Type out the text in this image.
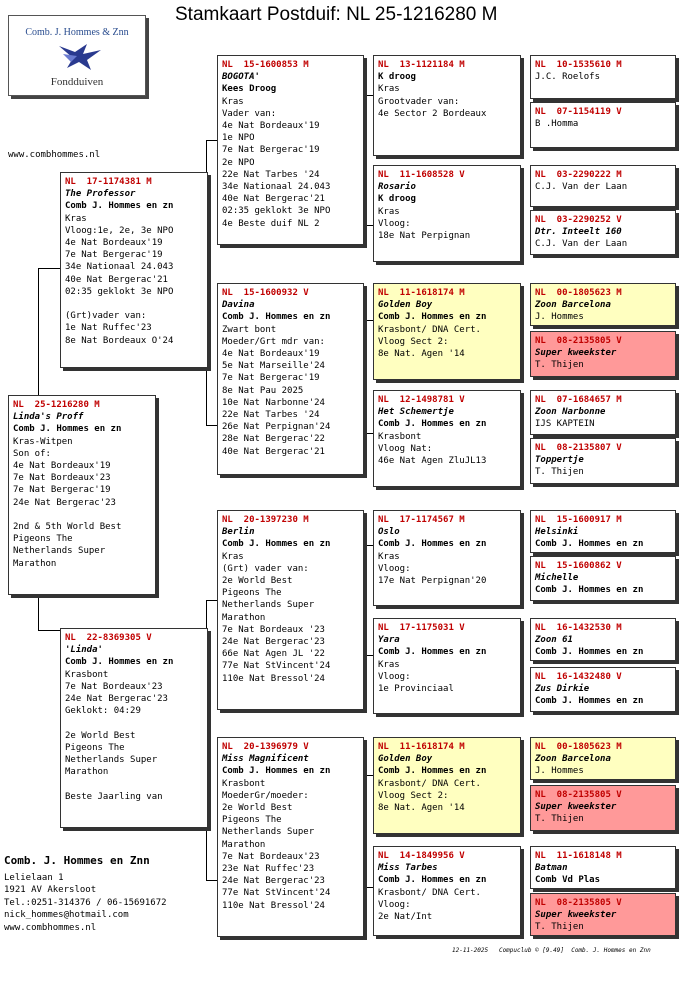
Stamkaart Postduif: NL 25-1216280 M
Comb. J. Hommes & Znn
Fondduiven
www.combhommes.nl
NL  25-1216280 M
Linda's Proff
Comb J. Hommes en zn
Kras-Witpen
Son of:
4e Nat Bordeaux'19
7e Nat Bordeaux'23
7e Nat Bergerac'19
24e Nat Bergerac'23

2nd & 5th World Best
Pigeons The
Netherlands Super
Marathon
NL  17-1174381 M
The Professor
Comb J. Hommes en zn
Kras
Vloog:1e, 2e, 3e NPO
4e Nat Bordeaux'19
7e Nat Bergerac'19
34e Nationaal 24.043
40e Nat Bergerac'21
02:35 geklokt 3e NPO

(Grt)vader van:
1e Nat Ruffec'23
8e Nat Bordeaux O'24
NL  22-8369305 V
'Linda'
Comb J. Hommes en zn
Krasbont
7e Nat Bordeaux'23
24e Nat Bergerac'23
Geklokt: 04:29

2e World Best
Pigeons The
Netherlands Super
Marathon

Beste Jaarling van
NL  15-1600853 M
BOGOTA'
Kees Droog
Kras
Vader van:
4e Nat Bordeaux'19
1e NPO
7e Nat Bergerac'19
2e NPO
22e Nat Tarbes '24
34e Nationaal 24.043
40e Nat Bergerac'21
02:35 geklokt 3e NPO
4e Beste duif NL 2
NL  15-1600932 V
Davina
Comb J. Hommes en zn
Zwart bont
Moeder/Grt mdr van:
4e Nat Bordeaux'19
5e Nat Marseille'24
7e Nat Bergerac'19
8e Nat Pau 2025
10e Nat Narbonne'24
22e Nat Tarbes '24
26e Nat Perpignan'24
28e Nat Bergerac'22
40e Nat Bergerac'21
NL  20-1397230 M
Berlin
Comb J. Hommes en zn
Kras
(Grt) vader van:
2e World Best
Pigeons The
Netherlands Super
Marathon
7e Nat Bordeaux '23
24e Nat Bergerac'23
66e Nat Agen JL '22
77e Nat StVincent'24
110e Nat Bressol'24
NL  20-1396979 V
Miss Magnificent
Comb J. Hommes en zn
Krasbont
MoederGr/moeder:
2e World Best
Pigeons The
Netherlands Super
Marathon
7e Nat Bordeaux'23
23e Nat Ruffec'23
24e Nat Bergerac'23
77e Nat StVincent'24
110e Nat Bressol'24
NL  13-1121184 M
K droog
Kras
Grootvader van:
4e Sector 2 Bordeaux
NL  11-1608528 V
Rosario
K droog
Kras
Vloog:
18e Nat Perpignan
NL  11-1618174 M
Golden Boy
Comb J. Hommes en zn
Krasbont/ DNA Cert.
Vloog Sect 2:
8e Nat. Agen '14
NL  12-1498781 V
Het Schemertje
Comb J. Hommes en zn
Krasbont
Vloog Nat:
46e Nat Agen ZluJL13
NL  17-1174567 M
Oslo
Comb J. Hommes en zn
Kras
Vloog:
17e Nat Perpignan'20
NL  17-1175031 V
Yara
Comb J. Hommes en zn
Kras
Vloog:
1e Provinciaal
NL  11-1618174 M
Golden Boy
Comb J. Hommes en zn
Krasbont/ DNA Cert.
Vloog Sect 2:
8e Nat. Agen '14
NL  14-1849956 V
Miss Tarbes
Comb J. Hommes en zn
Krasbont/ DNA Cert.
Vloog:
2e Nat/Int
NL  10-1535610 M
J.C. Roelofs
NL  07-1154119 V
B .Homma
NL  03-2290222 M
C.J. Van der Laan
NL  03-2290252 V
Dtr. Inteelt 160
C.J. Van der Laan
NL  00-1805623 M
Zoon Barcelona
J. Hommes
NL  08-2135805 V
Super kweekster
T. Thijen
NL  07-1684657 M
Zoon Narbonne
IJS KAPTEIN
NL  08-2135807 V
Toppertje
T. Thijen
NL  15-1600917 M
Helsinki
Comb J. Hommes en zn
NL  15-1600862 V
Michelle
Comb J. Hommes en zn
NL  16-1432530 M
Zoon 61
Comb J. Hommes en zn
NL  16-1432480 V
Zus Dirkie
Comb J. Hommes en zn
NL  00-1805623 M
Zoon Barcelona
J. Hommes
NL  08-2135805 V
Super kweekster
T. Thijen
NL  11-1618148 M
Batman
Comb Vd Plas
NL  08-2135805 V
Super kweekster
T. Thijen
Comb. J. Hommes en Znn
Lelielaan 1
1921 AV Akersloot
Tel.:0251-314376 / 06-15691672
nick_hommes@hotmail.com
www.combhommes.nl
12-11-2025   Compuclub © [9.49]  Comb. J. Hommes en Znn
